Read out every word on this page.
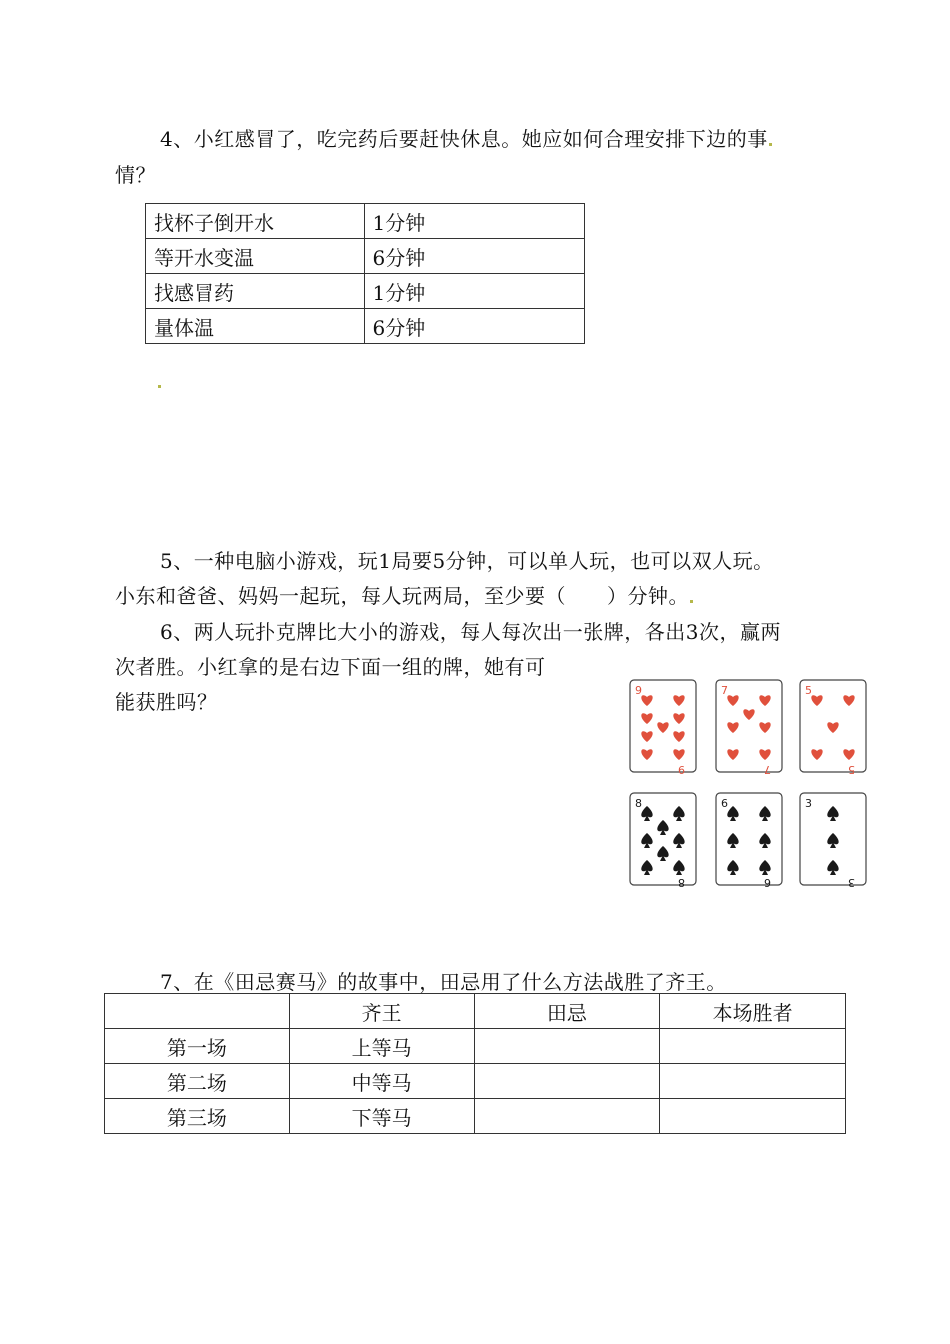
4、小红感冒了，吃完药后要赶快休息。她应如何合理安排下边的事
情？
找杯子倒开水	1分钟
等开水变温	6分钟
找感冒药	1分钟
量体温	6分钟
5、一种电脑小游戏，玩1局要5分钟，可以单人玩，也可以双人玩。
小东和爸爸、妈妈一起玩，每人玩两局，至少要（　　）分钟。
6、两人玩扑克牌比大小的游戏，每人每次出一张牌，各出3次，赢两
次者胜。小红拿的是右边下面一组的牌，她有可
能获胜吗？	9
9
7
7
5
5
8
8
6
6
3
3
7、在《田忌赛马》的故事中，田忌用了什么方法战胜了齐王。
	齐王	田忌	本场胜者
第一场	上等马		
第二场	中等马		
第三场	下等马		
